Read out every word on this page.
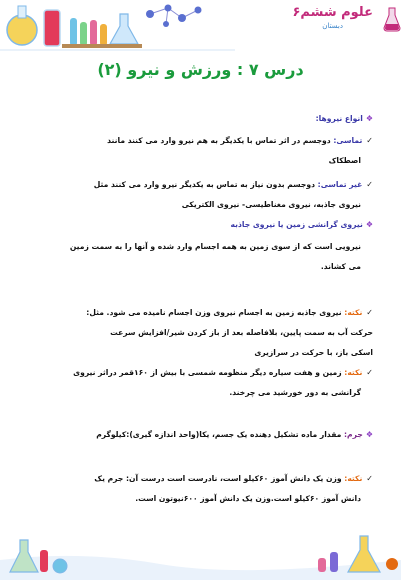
علوم ششم۶
دبستان
درس ۷ : ورزش و نیرو (۲)
❖انواع نیروها:
✓تماسی: دوجسم در اثر تماس با یکدیگر به هم نیرو وارد می کنند مانند
اصطکاک
✓غیر تماسی: دوجسم بدون نیاز به تماس به یکدیگر نیرو وارد می کنند مثل
نیروی جاذبه، نیروی مغناطیسی- نیروی الکتریکی
❖نیروی گرانشی زمین یا نیروی جاذبه
نیرویی است که از سوی زمین به همه اجسام وارد شده و آنها را به سمت زمین
می کشاند.
✓نکته: نیروی جاذبه زمین به اجسام نیروی وزن اجسام نامیده می شود. مثل:
حرکت آب به سمت پایین، بلافاصله بعد از باز کردن شیر/افزایش سرعت
اسکی باز، با حرکت در سرازیری
✓نکته: زمین و هفت سیاره دیگر منظومه شمسی با بیش از ۱۶۰قمر دراثر نیروی
گرانشی به دور خورشید می چرخند.
❖جرم: مقدار ماده تشکیل دهنده یک جسم، یکا(واحد اندازه گیری):کیلوگرم
✓نکته: وزن یک دانش آموز ۶۰کیلو است، نادرست است درست آن: جرم یک
دانش آموز ۶۰کیلو است.وزن یک دانش آموز ۶۰۰نیوتون است.
